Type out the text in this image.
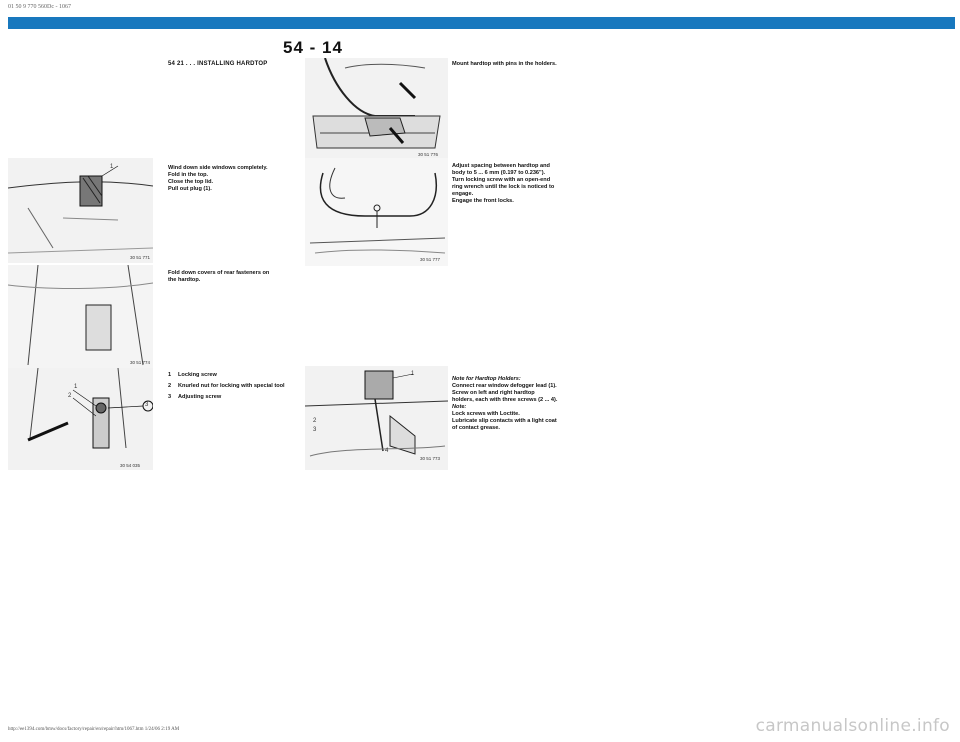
01 50 9 770 560Dc - 1067
54 - 14
54 21 . . . INSTALLING HARDTOP
30 51 776
30 51 777
1
30 51 771
30 51 774
1
2
3
30 54 035
1
2
3
4
30 51 773

Mount hardtop with pins in the holders.

Adjust spacing between hardtop and

body to 5 ... 6 mm (0.197 to 0.236").

Turn locking screw with an open-end

ring wrench until the lock is noticed to

engage.

Engage the front locks.

Wind down side windows completely.

Fold in the top.

Close the top lid.

Pull out plug (1).

Fold down covers of rear fasteners on

the hardtop.

1	Locking screw
2	Knurled nut for locking with special tool
3	Adjusting screw

Note for Hardtop Holders:

Connect rear window defogger lead (1).

Screw on left and right hardtop

holders, each with three screws (2 ... 4).

Note:

Lock screws with Loctite.

Lubricate slip contacts with a light coat

of contact grease.

http://ee1394.com/bmw/docs/factory/repair/en/repair/htm/1067.htm 1/24/06 2:19 AM	carmanualsonline.info
